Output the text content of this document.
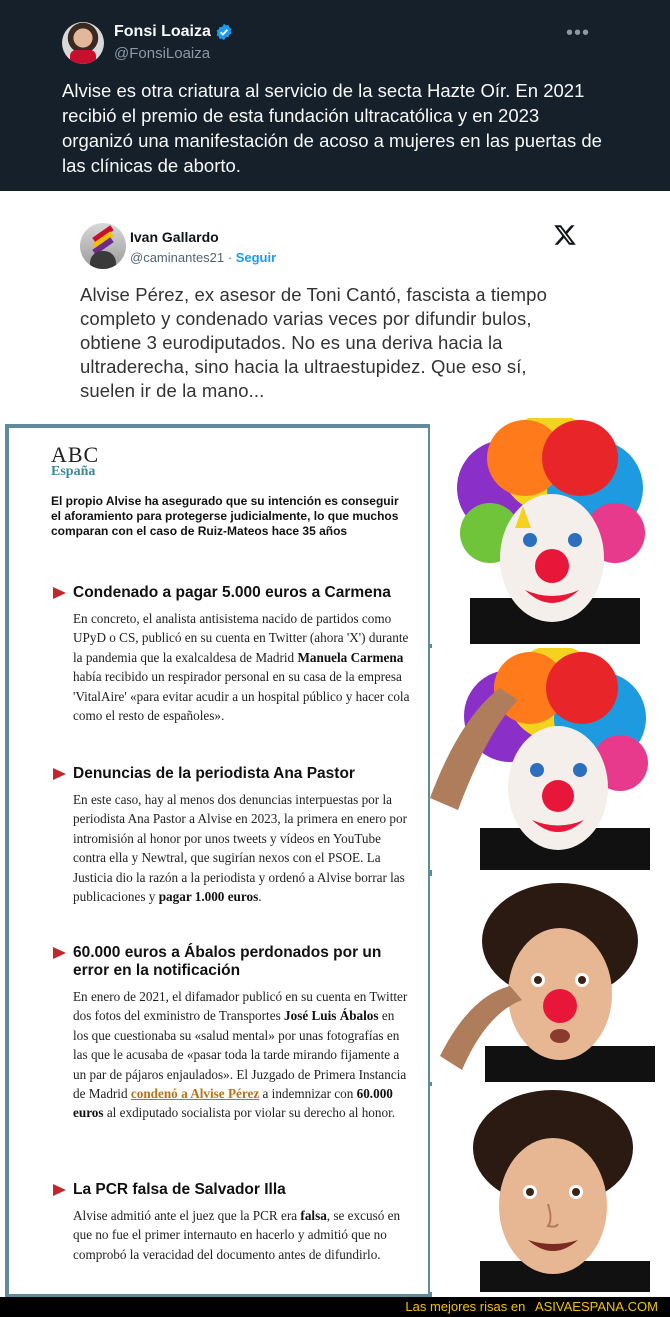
Fonsi Loaiza
@FonsiLoaiza
•••
Alvise es otra criatura al servicio de la secta Hazte Oír. En 2021 recibió el premio de esta fundación ultracatólica y en 2023 organizó una manifestación de acoso a mujeres en las puertas de las clínicas de aborto.
Ivan Gallardo
@caminantes21 · Seguir
Alvise Pérez, ex asesor de Toni Cantó, fascista a tiempo completo y condenado varias veces por difundir bulos, obtiene 3 eurodiputados. No es una deriva hacia la ultraderecha, sino hacia la ultraestupidez. Que eso sí, suelen ir de la mano...
ABC
España
El propio Alvise ha asegurado que su intención es conseguir el aforamiento para protegerse judicialmente, lo que muchos comparan con el caso de Ruiz-Mateos hace 35 años
Condenado a pagar 5.000 euros a Carmena
En concreto, el analista antisistema nacido de partidos como UPyD o CS, publicó en su cuenta en Twitter (ahora 'X') durante la pandemia que la exalcaldesa de Madrid Manuela Carmena había recibido un respirador personal en su casa de la empresa 'VitalAire' «para evitar acudir a un hospital público y hacer cola como el resto de españoles».
Denuncias de la periodista Ana Pastor
En este caso, hay al menos dos denuncias interpuestas por la periodista Ana Pastor a Alvise en 2023, la primera en enero por intromisión al honor por unos tweets y vídeos en YouTube contra ella y Newtral, que sugirían nexos con el PSOE. La Justicia dio la razón a la periodista y ordenó a Alvise borrar las publicaciones y pagar 1.000 euros.
60.000 euros a Ábalos perdonados por un error en la notificación
En enero de 2021, el difamador publicó en su cuenta en Twitter dos fotos del exministro de Transportes José Luis Ábalos en los que cuestionaba su «salud mental» por unas fotografías en las que le acusaba de «pasar toda la tarde mirando fijamente a un par de pájaros enjaulados». El Juzgado de Primera Instancia de Madrid condenó a Alvise Pérez a indemnizar con 60.000 euros al exdiputado socialista por violar su derecho al honor.
La PCR falsa de Salvador Illa
Alvise admitió ante el juez que la PCR era falsa, se excusó en que no fue el primer internauto en hacerlo y admitió que no comprobó la veracidad del documento antes de difundirlo.
Las mejores risas en ASIVAESPANA.COM
